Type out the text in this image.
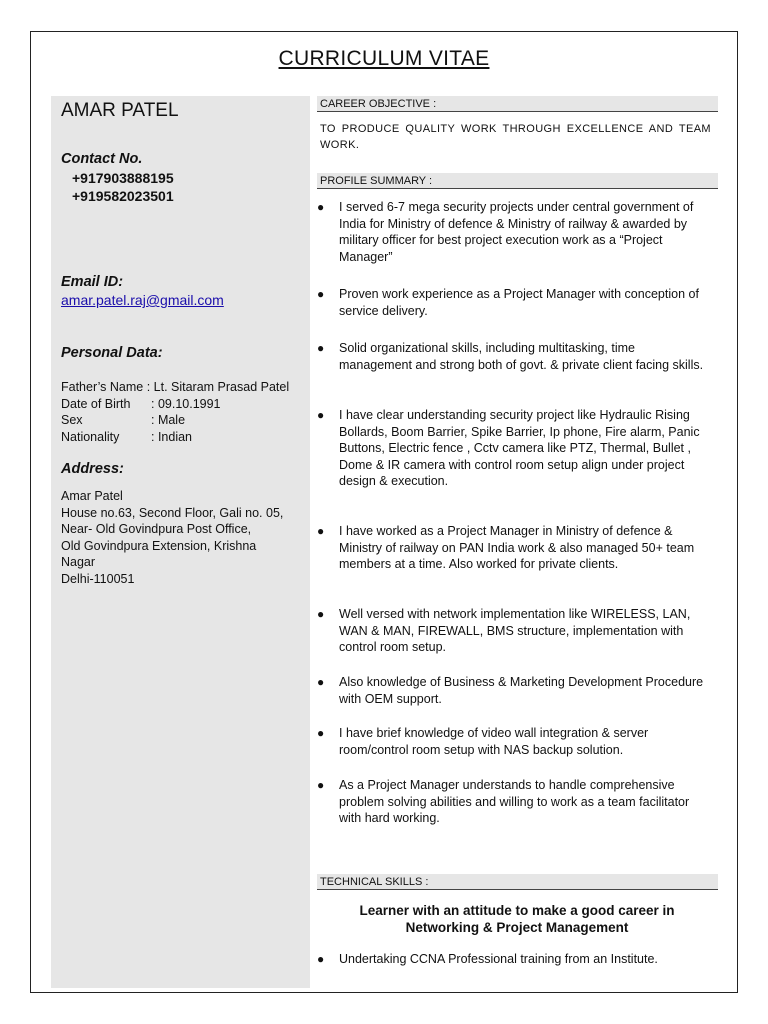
CURRICULUM VITAE
AMAR PATEL
Contact No.
+917903888195
+919582023501
Email ID:
amar.patel.raj@gmail.com
Personal Data:
Father’s Name : Lt. Sitaram Prasad Patel
Date of Birth : 09.10.1991
Sex	: Male
Nationality	: Indian
Address:
Amar Patel
House no.63, Second Floor, Gali no. 05,
Near- Old Govindpura Post Office,
Old Govindpura Extension, Krishna
Nagar
Delhi-110051
CAREER OBJECTIVE :
TO PRODUCE QUALITY WORK THROUGH EXCELLENCE AND TEAM WORK.
PROFILE SUMMARY :
● I served 6-7 mega security projects under central government of India for Ministry of defence & Ministry of railway & awarded by military officer for best project execution work as a “Project Manager”
● Proven work experience as a Project Manager with conception of service delivery.
● Solid organizational skills, including multitasking, time management and strong both of govt. & private client facing skills.
● I have clear understanding security project like Hydraulic Rising Bollards, Boom Barrier, Spike Barrier, Ip phone, Fire alarm, Panic Buttons, Electric fence , Cctv camera like PTZ, Thermal, Bullet , Dome & IR camera with control room setup align under project design & execution.
● I have worked as a Project Manager in Ministry of defence & Ministry of railway on PAN India work & also managed 50+ team members at a time. Also worked for private clients.
● Well versed with network implementation like WIRELESS, LAN, WAN & MAN, FIREWALL, BMS structure, implementation with control room setup.
● Also knowledge of Business & Marketing Development Procedure with OEM support.
● I have brief knowledge of video wall integration & server room/control room setup with NAS backup solution.
● As a Project Manager understands to handle comprehensive problem solving abilities and willing to work as a team facilitator with hard working.
TECHNICAL SKILLS :
Learner with an attitude to make a good career in Networking & Project Management
● Undertaking CCNA Professional training from an Institute.
